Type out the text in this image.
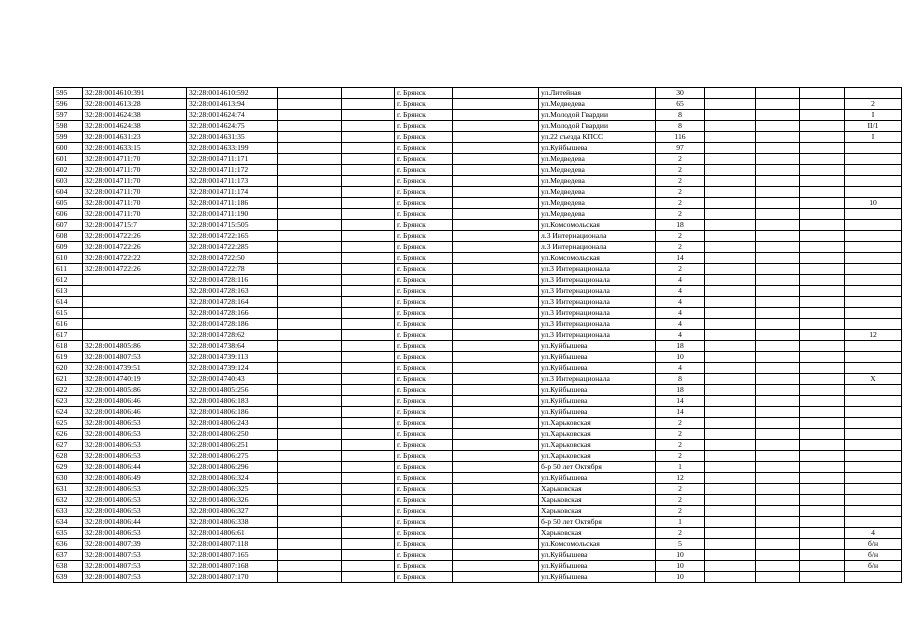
595	32:28:0014610:391	32:28:0014610:592			г. Брянск		ул.Литейная	30				
596	32:28:0014613:28	32:28:0014613:94			г. Брянск		ул.Медведева	65				2
597	32:28:0014624:38	32:28:0014624:74			г. Брянск		ул.Молодой Гвардии	8				I
598	32:28:0014624:38	32:28:0014624:75			г. Брянск		ул.Молодой Гвардии	8				II/1
599	32:28:0014631:23	32:28:0014631:35			г. Брянск		ул.22 съезда КПСС	116				I
600	32:28:0014633:15	32:28:0014633:199			г. Брянск		ул.Куйбышева	97				
601	32:28:0014711:70	32:28:0014711:171			г. Брянск		ул.Медведева	2				
602	32:28:0014711:70	32:28:0014711:172			г. Брянск		ул.Медведева	2				
603	32:28:0014711:70	32:28:0014711:173			г. Брянск		ул.Медведева	2				
604	32:28:0014711:70	32:28:0014711:174			г. Брянск		ул.Медведева	2				
605	32:28:0014711:70	32:28:0014711:186			г. Брянск		ул.Медведева	2				10
606	32:28:0014711:70	32:28:0014711:190			г. Брянск		ул.Медведева	2				
607	32:28:0014715:7	32:28:0014715:505			г. Брянск		ул.Комсомольская	18				
608	32:28:0014722:26	32:28:0014722:165			г. Брянск		л.3 Интернационала	2				
609	32:28:0014722:26	32:28:0014722:285			г. Брянск		л.3 Интернационала	2				
610	32:28:0014722:22	32:28:0014722:50			г. Брянск		ул.Комсомольская	14				
611	32:28:0014722:26	32:28:0014722:78			г. Брянск		ул.3 Интернационала	2				
612		32:28:0014728:116			г. Брянск		ул.3 Интернационала	4				
613		32:28:0014728:163			г. Брянск		ул.3 Интернационала	4				
614		32:28:0014728:164			г. Брянск		ул.3 Интернационала	4				
615		32:28:0014728:166			г. Брянск		ул.3 Интернационала	4				
616		32:28:0014728:186			г. Брянск		ул.3 Интернационала	4				
617		32:28:0014728:62			г. Брянск		ул.3 Интернационала	4				12
618	32:28:0014805:86	32:28:0014738:64			г. Брянск		ул.Куйбышева	18				
619	32:28:0014807:53	32:28:0014739:113			г. Брянск		ул.Куйбышева	10				
620	32:28:0014739:51	32:28:0014739:124			г. Брянск		ул.Куйбышева	4				
621	32:28:0014740:19	32:28:0014740:43			г. Брянск		ул.3 Интернационала	8				X
622	32:28:0014805:86	32:28:0014805:256			г. Брянск		ул.Куйбышева	18				
623	32:28:0014806:46	32:28:0014806:183			г. Брянск		ул.Куйбышева	14				
624	32:28:0014806:46	32:28:0014806:186			г. Брянск		ул.Куйбышева	14				
625	32:28:0014806:53	32:28:0014806:243			г. Брянск		ул.Харьковская	2				
626	32:28:0014806:53	32:28:0014806:250			г. Брянск		ул.Харьковская	2				
627	32:28:0014806:53	32:28:0014806:251			г. Брянск		ул.Харьковская	2				
628	32:28:0014806:53	32:28:0014806:275			г. Брянск		ул.Харьковская	2				
629	32:28:0014806:44	32:28:0014806:296			г. Брянск		б-р 50 лет Октября	1				
630	32:28:0014806:49	32:28:0014806:324			г. Брянск		ул.Куйбышева	12				
631	32:28:0014806:53	32:28:0014806:325			г. Брянск		Харьковская	2				
632	32:28:0014806:53	32:28:0014806:326			г. Брянск		Харьковская	2				
633	32:28:0014806:53	32:28:0014806:327			г. Брянск		Харьковская	2				
634	32:28:0014806:44	32:28:0014806:338			г. Брянск		б-р 50 лет Октября	1				
635	32:28:0014806:53	32:28:0014806:61			г. Брянск		Харьковская	2				4
636	32:28:0014807:39	32:28:0014807:118			г. Брянск		ул.Комсомольская	5				б/н
637	32:28:0014807:53	32:28:0014807:165			г. Брянск		ул.Куйбышева	10				б/н
638	32:28:0014807:53	32:28:0014807:168			г. Брянск		ул.Куйбышева	10				б/н
639	32:28:0014807:53	32:28:0014807:170			г. Брянск		ул.Куйбышева	10				
